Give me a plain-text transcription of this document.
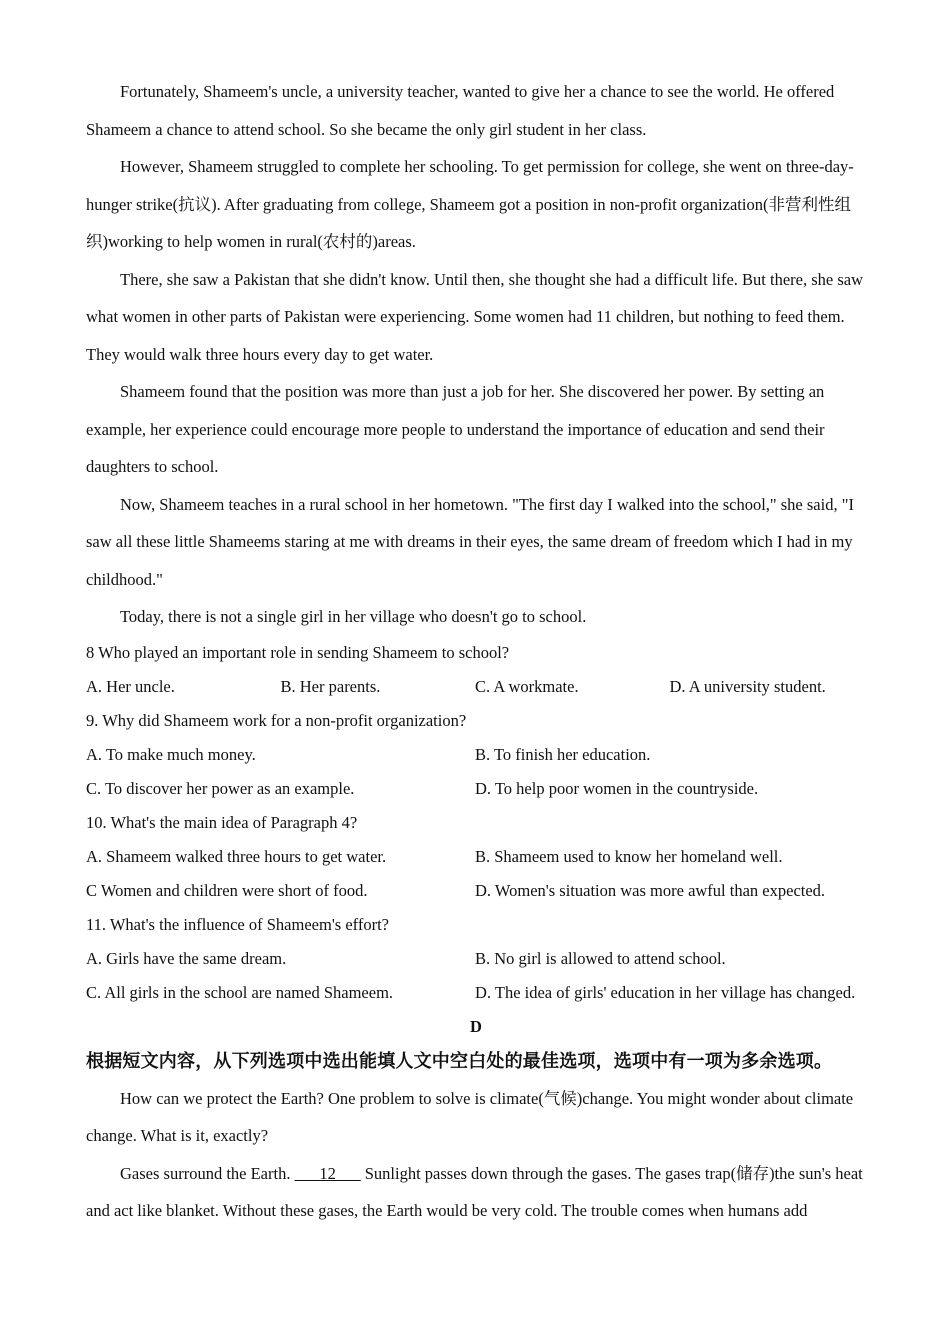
Fortunately, Shameem's uncle, a university teacher, wanted to give her a chance to see the world. He offered Shameem a chance to attend school. So she became the only girl student in her class.

However, Shameem struggled to complete her schooling. To get permission for college, she went on three-day- hunger strike(抗议). After graduating from college, Shameem got a position in non-profit organization(非营利性组织)working to help women in rural(农村的)areas.

There, she saw a Pakistan that she didn't know. Until then, she thought she had a difficult life. But there, she saw what women in other parts of Pakistan were experiencing. Some women had 11 children, but nothing to feed them. They would walk three hours every day to get water.

Shameem found that the position was more than just a job for her. She discovered her power. By setting an example, her experience could encourage more people to understand the importance of education and send their daughters to school.

Now, Shameem teaches in a rural school in her hometown. "The first day I walked into the school," she said, "I saw all these little Shameems staring at me with dreams in their eyes, the same dream of freedom which I had in my childhood."

Today, there is not a single girl in her village who doesn't go to school.

8 Who played an important role in sending Shameem to school?

A. Her uncle.	B. Her parents.	C. A workmate.	D. A university student.

9. Why did Shameem work for a non-profit organization?

A. To make much money.	B. To finish her education.
C. To discover her power as an example.	D. To help poor women in the countryside.

10. What's the main idea of Paragraph 4?

A. Shameem walked three hours to get water.	B. Shameem used to know her homeland well.
C Women and children were short of food.	D. Women's situation was more awful than expected.

11. What's the influence of Shameem's effort?

A. Girls have the same dream.	B. No girl is allowed to attend school.
C. All girls in the school are named Shameem.	D. The idea of girls' education in her village has changed.

D

根据短文内容，从下列选项中选出能填人文中空白处的最佳选项，选项中有一项为多余选项。

How can we protect the Earth? One problem to solve is climate(气候)change. You might wonder about climate change. What is it, exactly?

Gases surround the Earth. ___12___ Sunlight passes down through the gases. The gases trap(储存)the sun's heat and act like blanket. Without these gases, the Earth would be very cold. The trouble comes when humans add
